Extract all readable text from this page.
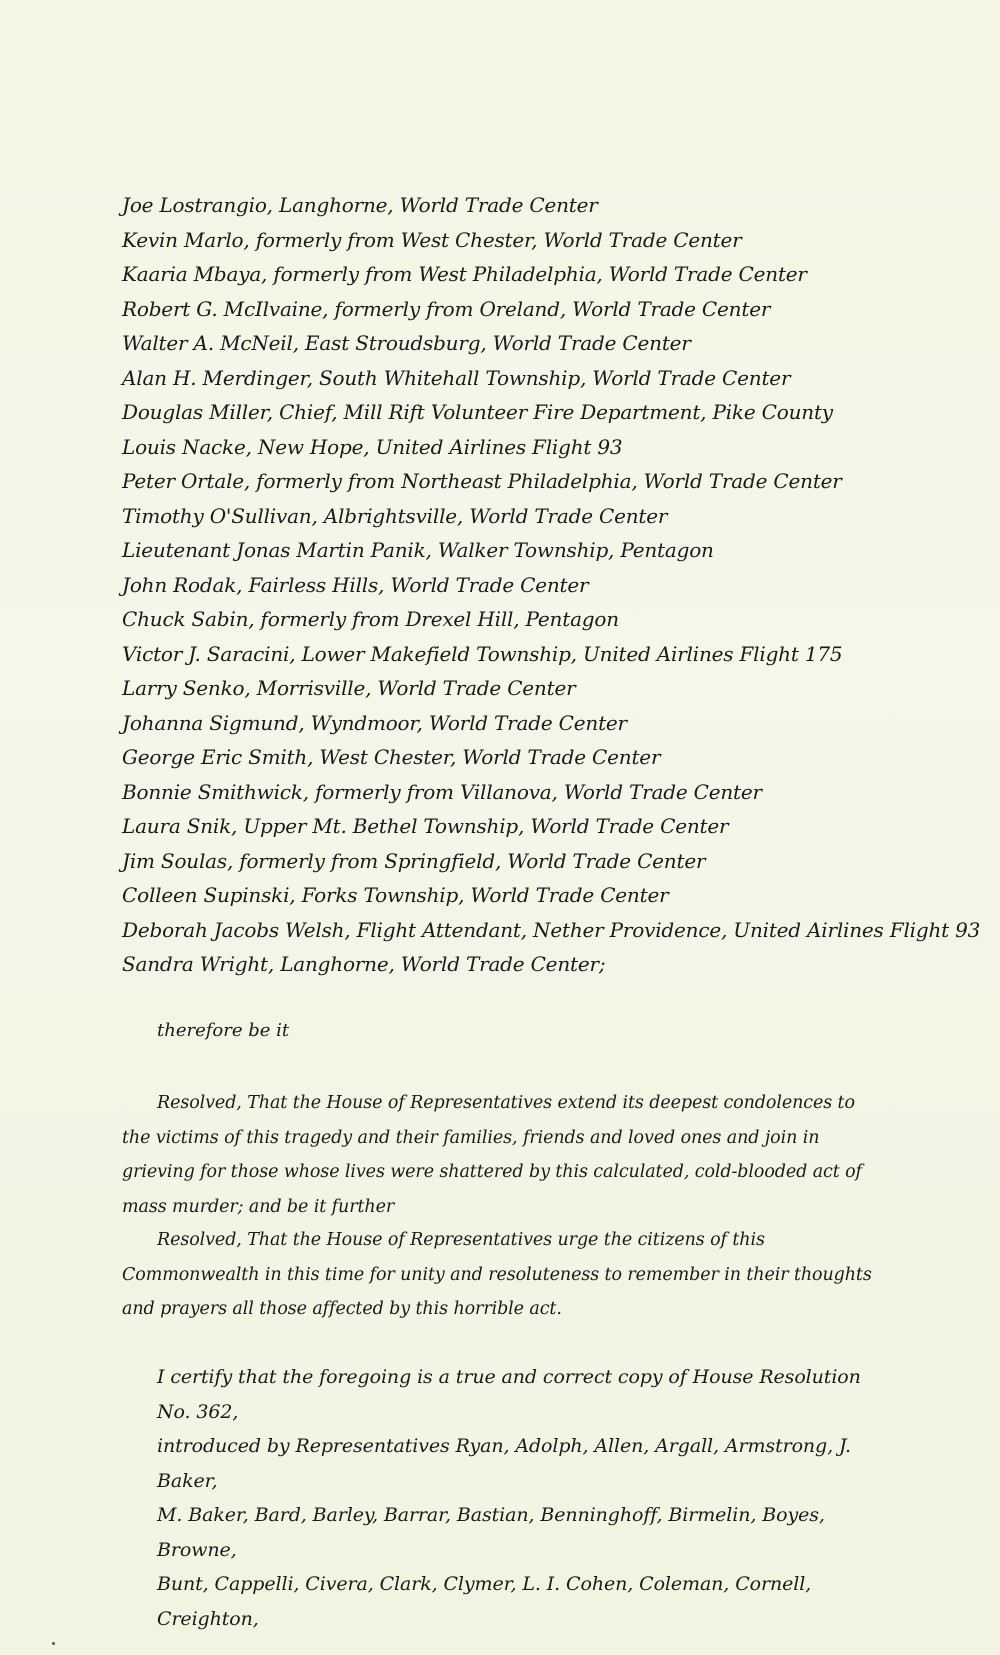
Joe Lostrangio, Langhorne, World Trade Center
Kevin Marlo, formerly from West Chester, World Trade Center
Kaaria Mbaya, formerly from West Philadelphia, World Trade Center
Robert G. McIlvaine, formerly from Oreland, World Trade Center
Walter A. McNeil, East Stroudsburg, World Trade Center
Alan H. Merdinger, South Whitehall Township, World Trade Center
Douglas Miller, Chief, Mill Rift Volunteer Fire Department, Pike County
Louis Nacke, New Hope, United Airlines Flight 93
Peter Ortale, formerly from Northeast Philadelphia, World Trade Center
Timothy O'Sullivan, Albrightsville, World Trade Center
Lieutenant Jonas Martin Panik, Walker Township, Pentagon
John Rodak, Fairless Hills, World Trade Center
Chuck Sabin, formerly from Drexel Hill, Pentagon
Victor J. Saracini, Lower Makefield Township, United Airlines Flight 175
Larry Senko, Morrisville, World Trade Center
Johanna Sigmund, Wyndmoor, World Trade Center
George Eric Smith, West Chester, World Trade Center
Bonnie Smithwick, formerly from Villanova, World Trade Center
Laura Snik, Upper Mt. Bethel Township, World Trade Center
Jim Soulas, formerly from Springfield, World Trade Center
Colleen Supinski, Forks Township, World Trade Center
Deborah Jacobs Welsh, Flight Attendant, Nether Providence, United Airlines Flight 93
Sandra Wright, Langhorne, World Trade Center;
therefore be it
Resolved, That the House of Representatives extend its deepest condolences to the victims of this tragedy and their families, friends and loved ones and join in grieving for those whose lives were shattered by this calculated, cold-blooded act of mass murder; and be it further
Resolved, That the House of Representatives urge the citizens of this Commonwealth in this time for unity and resoluteness to remember in their thoughts and prayers all those affected by this horrible act.
I certify that the foregoing is a true and correct copy of House Resolution No. 362,
introduced by Representatives Ryan, Adolph, Allen, Argall, Armstrong, J. Baker,
M. Baker, Bard, Barley, Barrar, Bastian, Benninghoff, Birmelin, Boyes, Browne,
Bunt, Cappelli, Civera, Clark, Clymer, L. I. Cohen, Coleman, Cornell, Creighton,
